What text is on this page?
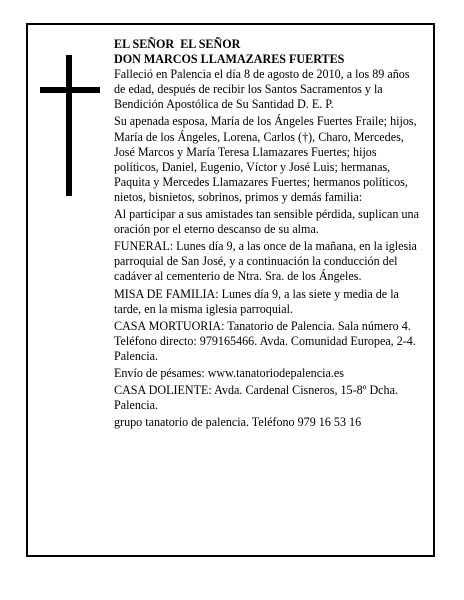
EL SEÑOR  EL SEÑOR
DON MARCOS LLAMAZARES FUERTES

Falleció en Palencia el día 8 de agosto de 2010, a los 89 años de edad, después de recibir los Santos Sacramentos y la Bendición Apostólica de Su Santidad D. E. P.

Su apenada esposa, María de los Ángeles Fuertes Fraile; hijos, María de los Ángeles, Lorena, Carlos (†), Charo, Mercedes, José Marcos y María Teresa Llamazares Fuertes; hijos políticos, Daniel, Eugenio, Víctor y José Luis; hermanas, Paquita y Mercedes Llamazares Fuertes; hermanos políticos, nietos, bisnietos, sobrinos, primos y demás familia:

Al participar a sus amistades tan sensible pérdida, suplican una oración por el eterno descanso de su alma.

FUNERAL: Lunes día 9, a las once de la mañana, en la iglesia parroquial de San José, y a continuación la conducción del cadáver al cementerio de Ntra. Sra. de los Ángeles.

MISA DE FAMILIA: Lunes día 9, a las siete y media de la tarde, en la misma iglesia parroquial.

CASA MORTUORIA: Tanatorio de Palencia. Sala número 4. Teléfono directo: 979165466. Avda. Comunidad Europea, 2-4. Palencia.

Envío de pésames: www.tanatoriodepalencia.es

CASA DOLIENTE: Avda. Cardenal Cisneros, 15-8º Dcha. Palencia.

grupo tanatorio de palencia. Teléfono 979 16 53 16
